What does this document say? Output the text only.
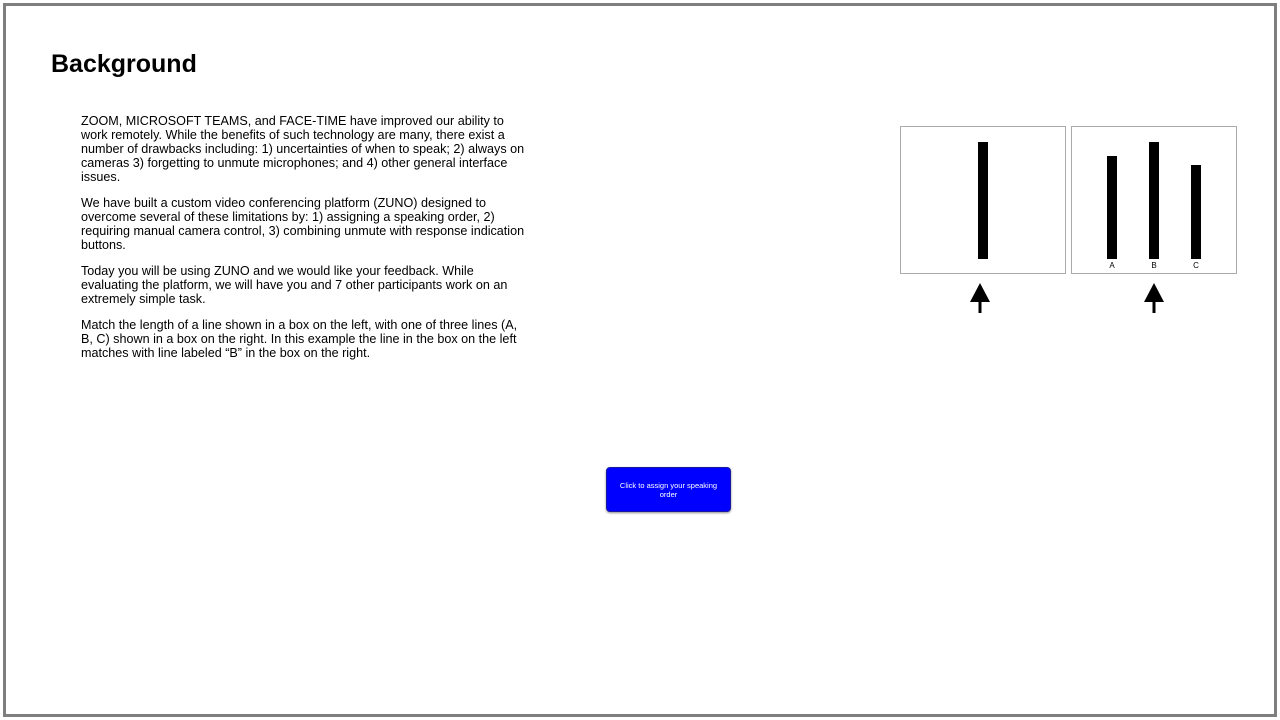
Background

ZOOM, MICROSOFT TEAMS, and FACE-TIME have improved our ability to work remotely. While the benefits of such technology are many, there exist a number of drawbacks including: 1) uncertainties of when to speak; 2) always on cameras 3) forgetting to unmute microphones; and 4) other general interface issues.

We have built a custom video conferencing platform (ZUNO) designed to overcome several of these limitations by: 1) assigning a speaking order, 2) requiring manual camera control, 3) combining unmute with response indication buttons.

Today you will be using ZUNO and we would like your feedback. While evaluating the platform, we will have you and 7 other participants work on an extremely simple task.

Match the length of a line shown in a box on the left, with one of three lines (A, B, C) shown in a box on the right. In this example the line in the box on the left matches with line labeled “B” in the box on the right.

A	B	C
Click to assign your speaking order
